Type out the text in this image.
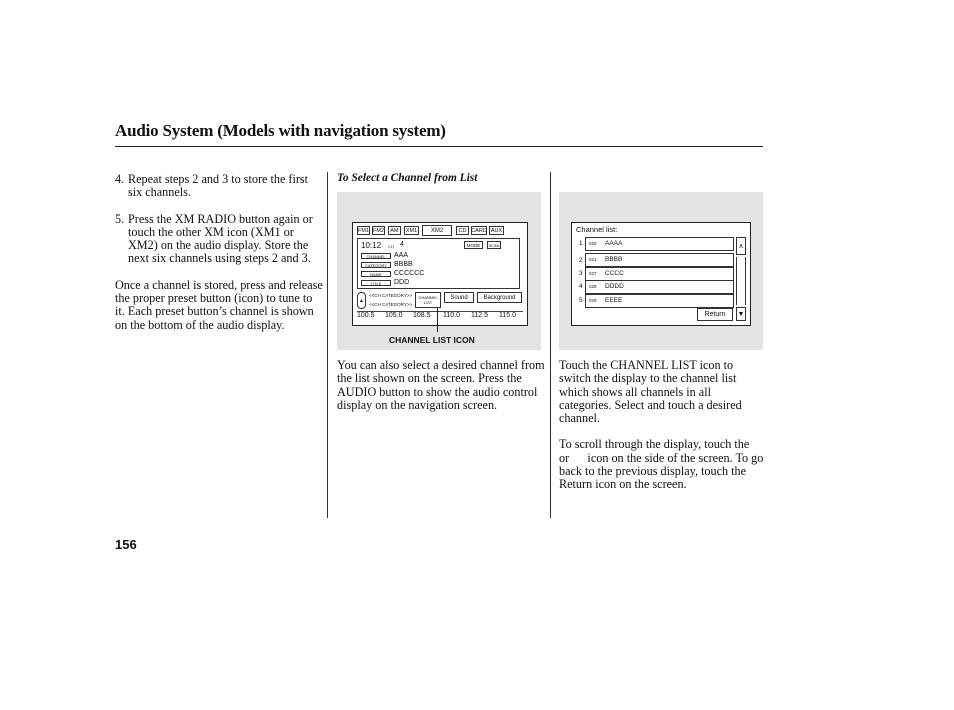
Audio System (Models with navigation system)
4. Repeat steps 2 and 3 to store the first six channels.
5. Press the XM RADIO button again or touch the other XM icon (XM1 or XM2) on the audio display. Store the next six channels using steps 2 and 3.

Once a channel is stored, press and release the proper preset button (icon) to tune to it. Each preset button’s channel is shown on the bottom of the audio display.

To Select a Channel from List
FM1 FM2	AM	XM1	XM2	CD CARD AUX
10:12 CH 4	MODE	SCAN
CHANNEL	AAA
CATEGORY BBBB
NAME	CCCCCC
TITLE	DDD
▲
<<CH CATEGORY>>
<<CH CATEGORY>>
CHANNEL LIST
Sound	Background
100.5 105.0 108.5 110.0 112.5 115.0
CHANNEL LIST ICON
You can also select a desired channel from the list shown on the screen. Press the AUDIO button to show the audio control display on the navigation screen.
Channel list:
1 020 AAAA
2 021 BBBB
3 027 CCCC
4 028 DDDD
5 029 EEEE
∧
▼
Return

Touch the CHANNEL LIST icon to switch the display to the channel list which shows all channels in all categories. Select and touch a desired channel.

To scroll through the display, touch the      or      icon on the side of the screen. To go back to the previous display, touch the Return icon on the screen.

156
